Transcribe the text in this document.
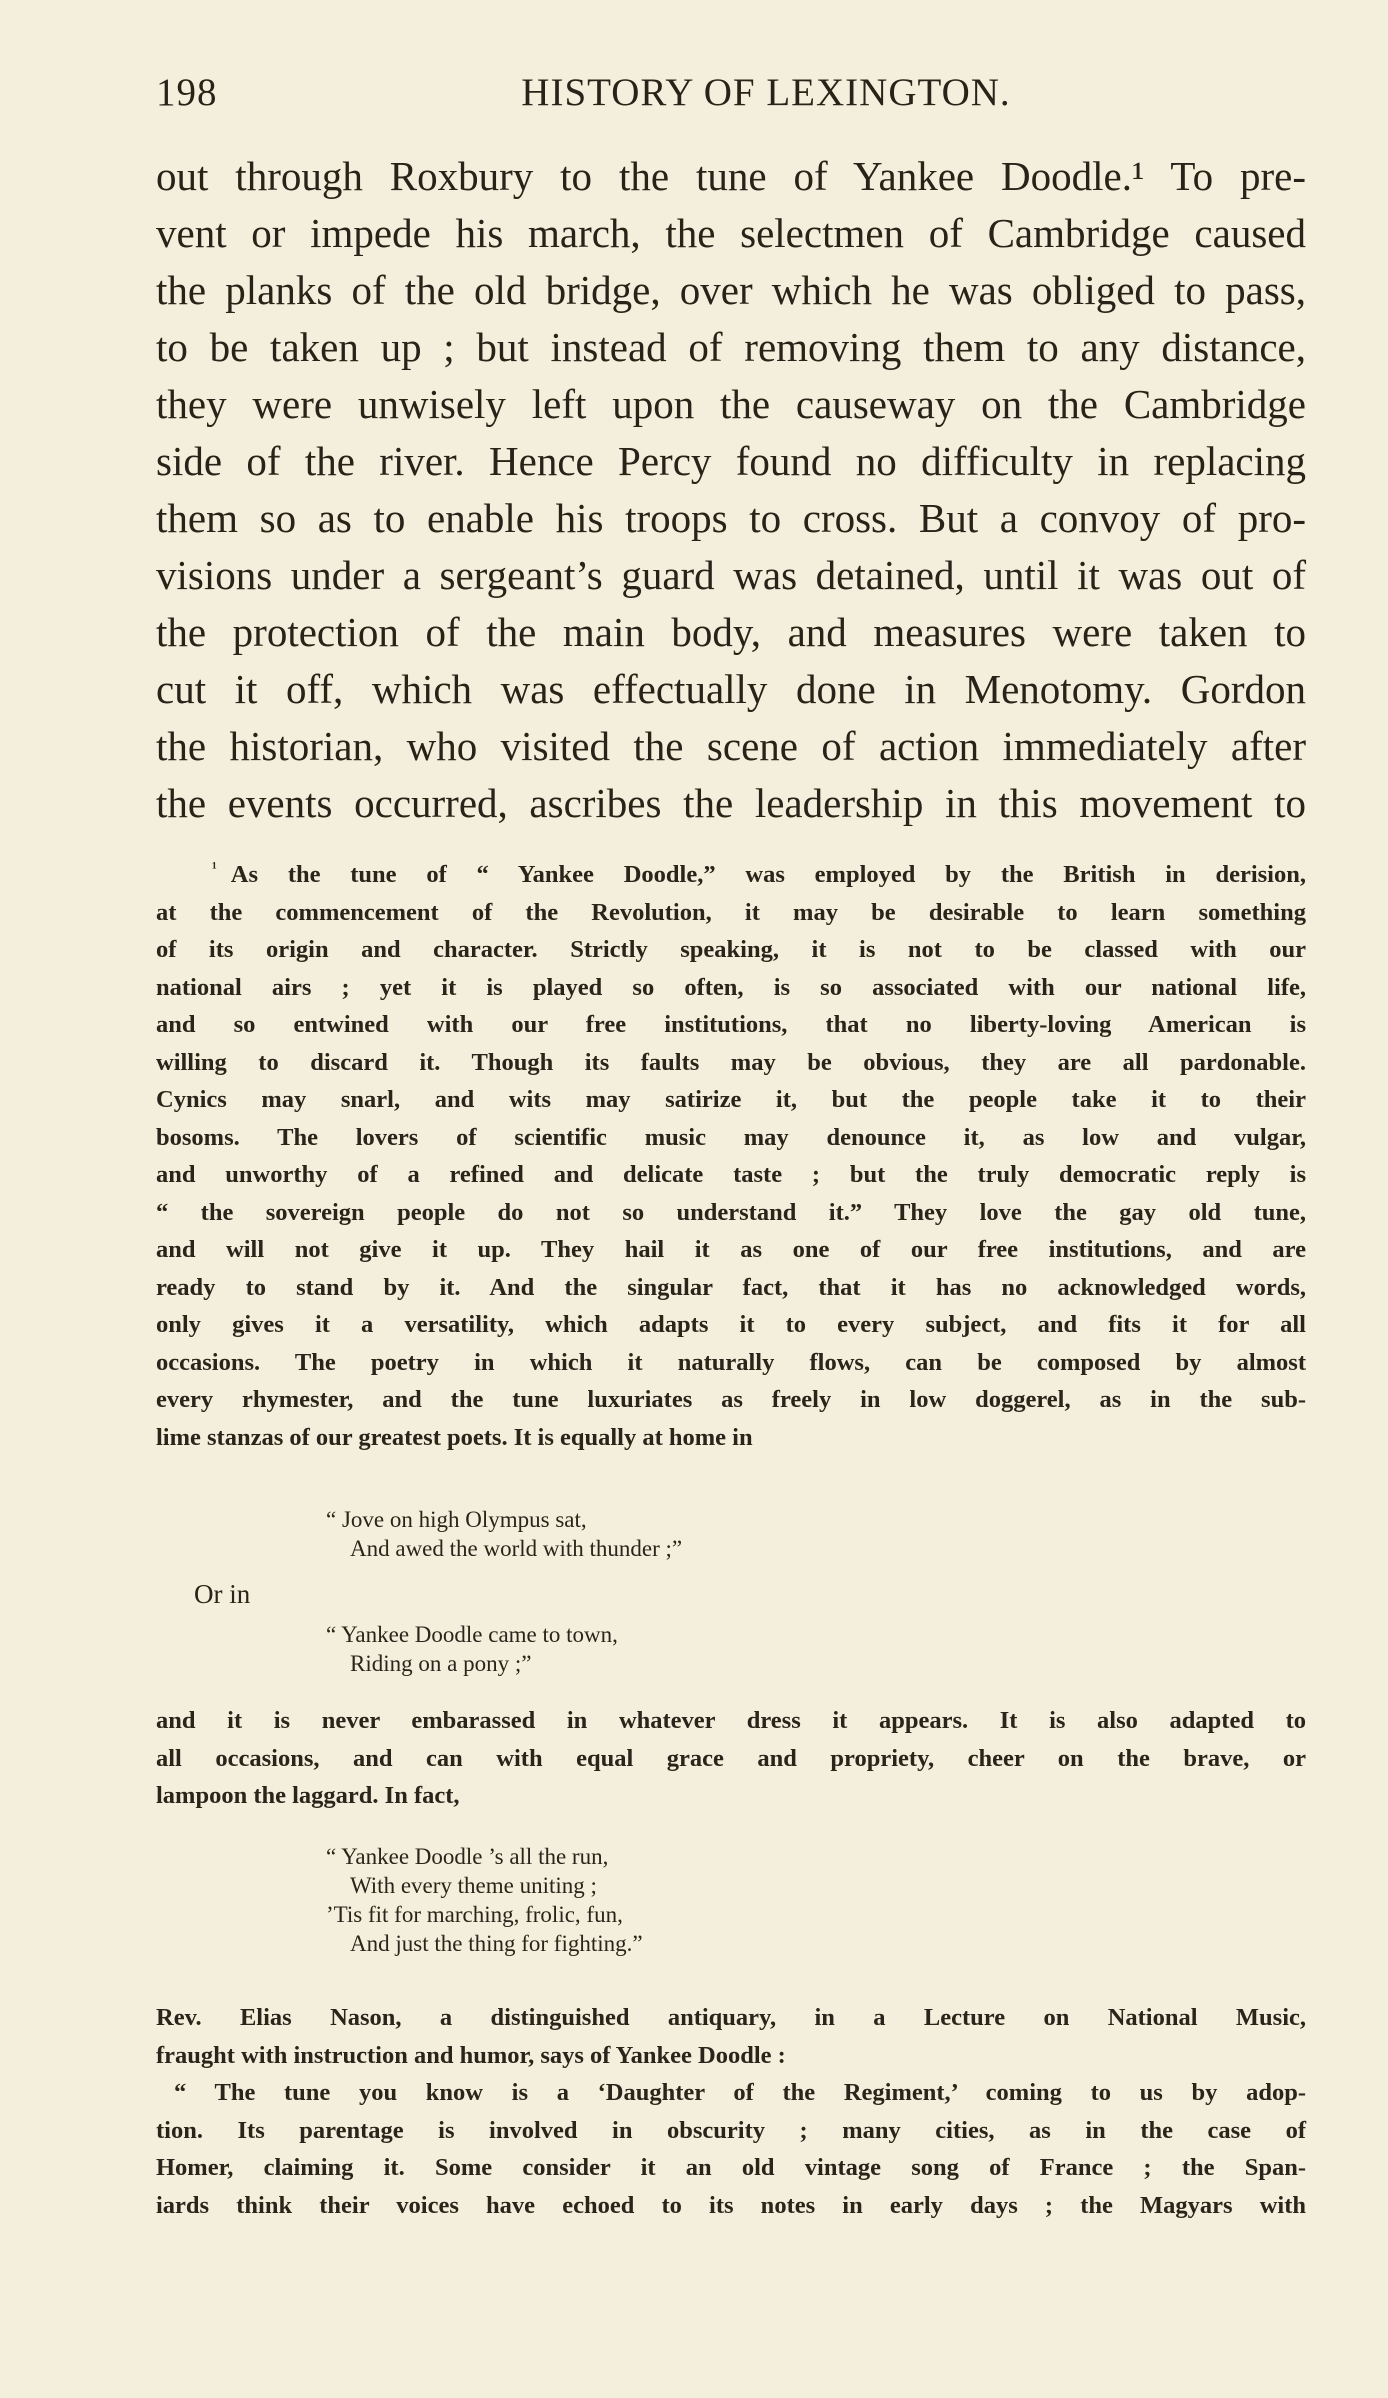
198	HISTORY OF LEXINGTON.
out through Roxbury to the tune of Yankee Doodle.¹ To pre-
vent or impede his march, the selectmen of Cambridge caused
the planks of the old bridge, over which he was obliged to pass,
to be taken up ; but instead of removing them to any distance,
they were unwisely left upon the causeway on the Cambridge
side of the river. Hence Percy found no difficulty in replacing
them so as to enable his troops to cross. But a convoy of pro-
visions under a sergeant’s guard was detained, until it was out of
the protection of the main body, and measures were taken to
cut it off, which was effectually done in Menotomy. Gordon
the historian, who visited the scene of action immediately after
the events occurred, ascribes the leadership in this movement to
$^{^1}$ As the tune of “ Yankee Doodle,” was employed by the British in derision,
at the commencement of the Revolution, it may be desirable to learn something
of its origin and character. Strictly speaking, it is not to be classed with our
national airs ; yet it is played so often, is so associated with our national life,
and so entwined with our free institutions, that no liberty-loving American is
willing to discard it. Though its faults may be obvious, they are all pardonable.
Cynics may snarl, and wits may satirize it, but the people take it to their
bosoms. The lovers of scientific music may denounce it, as low and vulgar,
and unworthy of a refined and delicate taste ; but the truly democratic reply is
“ the sovereign people do not so understand it.” They love the gay old tune,
and will not give it up. They hail it as one of our free institutions, and are
ready to stand by it. And the singular fact, that it has no acknowledged words,
only gives it a versatility, which adapts it to every subject, and fits it for all
occasions. The poetry in which it naturally flows, can be composed by almost
every rhymester, and the tune luxuriates as freely in low doggerel, as in the sub-
lime stanzas of our greatest poets. It is equally at home in
“ Jove on high Olympus sat,
And awed the world with thunder ;”
Or in
“ Yankee Doodle came to town,
Riding on a pony ;”
and it is never embarassed in whatever dress it appears. It is also adapted to
all occasions, and can with equal grace and propriety, cheer on the brave, or
lampoon the laggard. In fact,
“ Yankee Doodle ’s all the run,
With every theme uniting ;
’Tis fit for marching, frolic, fun,
And just the thing for fighting.”
Rev. Elias Nason, a distinguished antiquary, in a Lecture on National Music,
fraught with instruction and humor, says of Yankee Doodle :
“ The tune you know is a ‘Daughter of the Regiment,’ coming to us by adop-
tion. Its parentage is involved in obscurity ; many cities, as in the case of
Homer, claiming it. Some consider it an old vintage song of France ; the Span-
iards think their voices have echoed to its notes in early days ; the Magyars with
